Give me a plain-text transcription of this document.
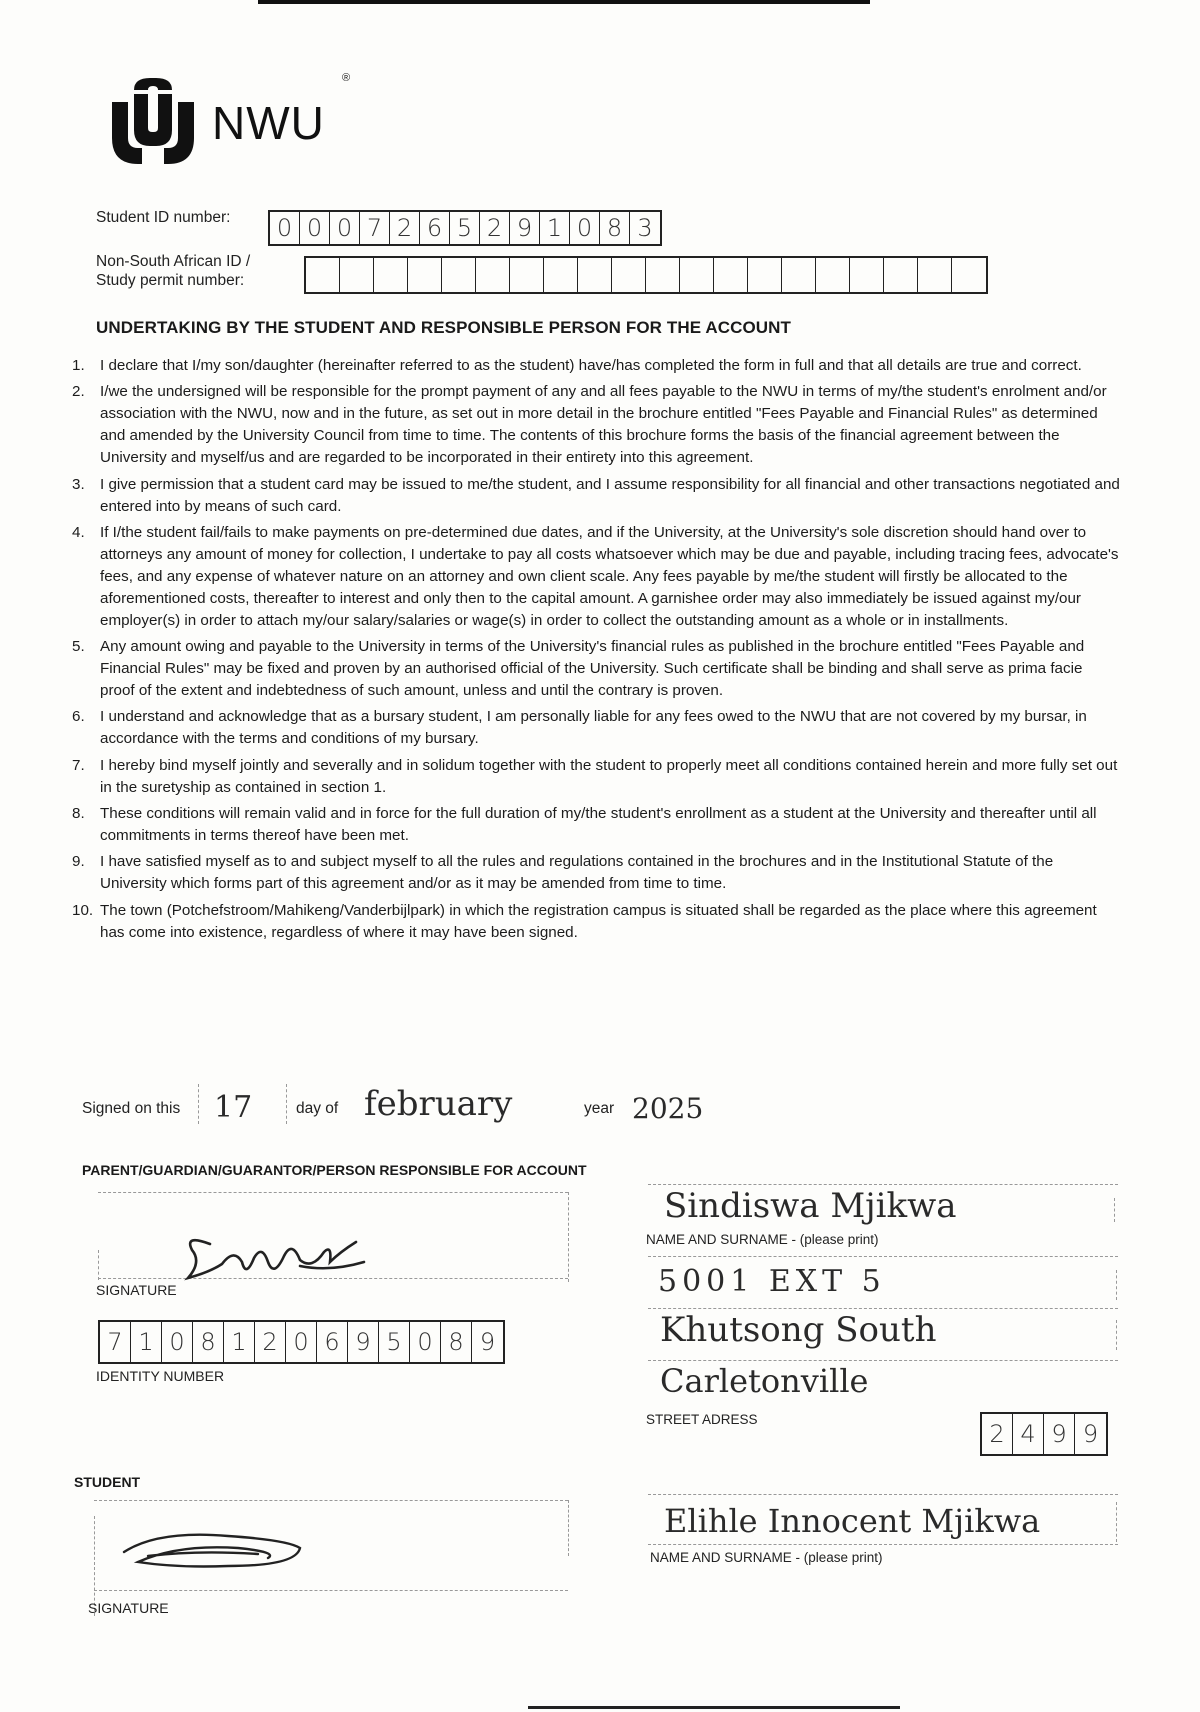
NWU
®
Student ID number: 0 0 0 7 2 6 5 2 9 1 0 8 3
Non-South African ID /
Study permit number:
UNDERTAKING BY THE STUDENT AND RESPONSIBLE PERSON FOR THE ACCOUNT
1.	I declare that I/my son/daughter (hereinafter referred to as the student) have/has completed the form in full and that all details are true and correct.
2.	I/we the undersigned will be responsible for the prompt payment of any and all fees payable to the NWU in terms of my/the student's enrolment and/or association with the NWU, now and in the future, as set out in more detail in the brochure entitled "Fees Payable and Financial Rules" as determined and amended by the University Council from time to time. The contents of this brochure forms the basis of the financial agreement between the University and myself/us and are regarded to be incorporated in their entirety into this agreement.
3.	I give permission that a student card may be issued to me/the student, and I assume responsibility for all financial and other transactions negotiated and entered into by means of such card.
4.	If I/the student fail/fails to make payments on pre-determined due dates, and if the University, at the University's sole discretion should hand over to attorneys any amount of money for collection, I undertake to pay all costs whatsoever which may be due and payable, including tracing fees, advocate's fees, and any expense of whatever nature on an attorney and own client scale. Any fees payable by me/the student will firstly be allocated to the aforementioned costs, thereafter to interest and only then to the capital amount. A garnishee order may also immediately be issued against my/our employer(s) in order to attach my/our salary/salaries or wage(s) in order to collect the outstanding amount as a whole or in installments.
5.	Any amount owing and payable to the University in terms of the University's financial rules as published in the brochure entitled "Fees Payable and Financial Rules" may be fixed and proven by an authorised official of the University. Such certificate shall be binding and shall serve as prima facie proof of the extent and indebtedness of such amount, unless and until the contrary is proven.
6.	I understand and acknowledge that as a bursary student, I am personally liable for any fees owed to the NWU that are not covered by my bursar, in accordance with the terms and conditions of my bursary.
7.	I hereby bind myself jointly and severally and in solidum together with the student to properly meet all conditions contained herein and more fully set out in the suretyship as contained in section 1.
8.	These conditions will remain valid and in force for the full duration of my/the student's enrollment as a student at the University and thereafter until all commitments in terms thereof have been met.
9.	I have satisfied myself as to and subject myself to all the rules and regulations contained in the brochures and in the Institutional Statute of the University which forms part of this agreement and/or as it may be amended from time to time.
10. The town (Potchefstroom/Mahikeng/Vanderbijlpark) in which the registration campus is situated shall be regarded as the place where this agreement has come into existence, regardless of where it may have been signed.
Signed on this 17	day of february	year 2025
PARENT/GUARDIAN/GUARANTOR/PERSON RESPONSIBLE FOR ACCOUNT
SIGNATURE
7 1 0 8 1 2 0 6 9 5 0 8 9
IDENTITY NUMBER
Sindiswa Mjikwa
NAME AND SURNAME - (please print)
5001 EXT 5
Khutsong South
Carletonville
STREET ADRESS
2 4 9 9
STUDENT
SIGNATURE
Elihle Innocent Mjikwa
NAME AND SURNAME - (please print)
